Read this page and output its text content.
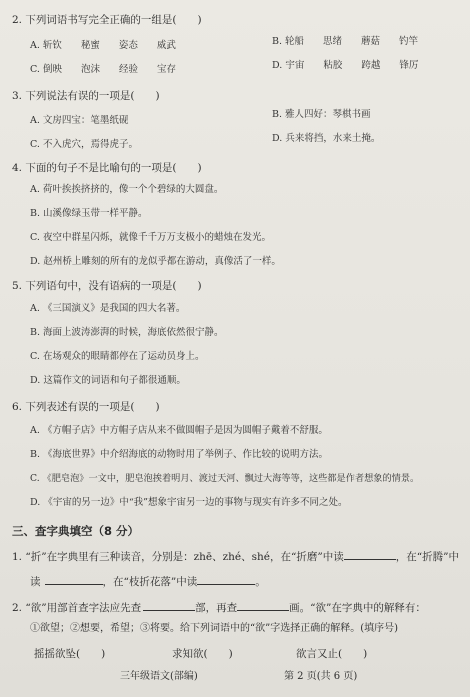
2. 下列词语书写完全正确的一组是(　　)
A. 斩钦　　秘蜜　　姿态　　威武	B. 轮船　　思绪　　蘑菇　　钓竿
C. 倒映　　泡沫　　经验　　宝存	D. 宇宙　　粘胶　　跨越　　锋厉
3. 下列说法有误的一项是(　　)
A. 文房四宝：笔墨纸砚
B. 雅人四好：琴棋书画
C. 不入虎穴，焉得虎子。
D. 兵来将挡，水来土掩。
4. 下面的句子不是比喻句的一项是(　　)
A. 荷叶挨挨挤挤的，像一个个碧绿的大圆盘。
B. 山溪像绿玉带一样平静。
C. 夜空中群星闪烁，就像千千万万支极小的蜡烛在发光。
D. 赵州桥上雕刻的所有的龙似乎都在游动，真像活了一样。
5. 下列语句中，没有语病的一项是(　　)
A. 《三国演义》是我国的四大名著。
B. 海面上波涛澎湃的时候，海底依然很宁静。
C. 在场观众的眼睛都停在了运动员身上。
D. 这篇作文的词语和句子都很通顺。
6. 下列表述有误的一项是(　　)
A. 《方帽子店》中方帽子店从来不做圆帽子是因为圆帽子戴着不舒服。
B. 《海底世界》中介绍海底的动物时用了举例子、作比较的说明方法。
C. 《肥皂泡》一文中，肥皂泡挨着明月、渡过天河、飘过大海等等，这些都是作者想象的情景。
D. 《宇宙的另一边》中“我”想象宇宙另一边的事物与现实有许多不同之处。
三、查字典填空（8 分）
1. “折”在字典里有三种读音，分别是：zhē、zhé、shé，在“折磨”中读	，在“折腾”中
读	，在“枝折花落”中读	。
2. “欲”用部首查字法应先查	部，再查	画。“欲”在字典中的解释有：
①欲望；②想要，希望；③将要。给下列词语中的“欲”字选择正确的解释。(填序号)
摇摇欲坠(　　)	求知欲(　　)	欲言又止(　　)
三年级语文(部编)	第 2 页(共 6 页)
